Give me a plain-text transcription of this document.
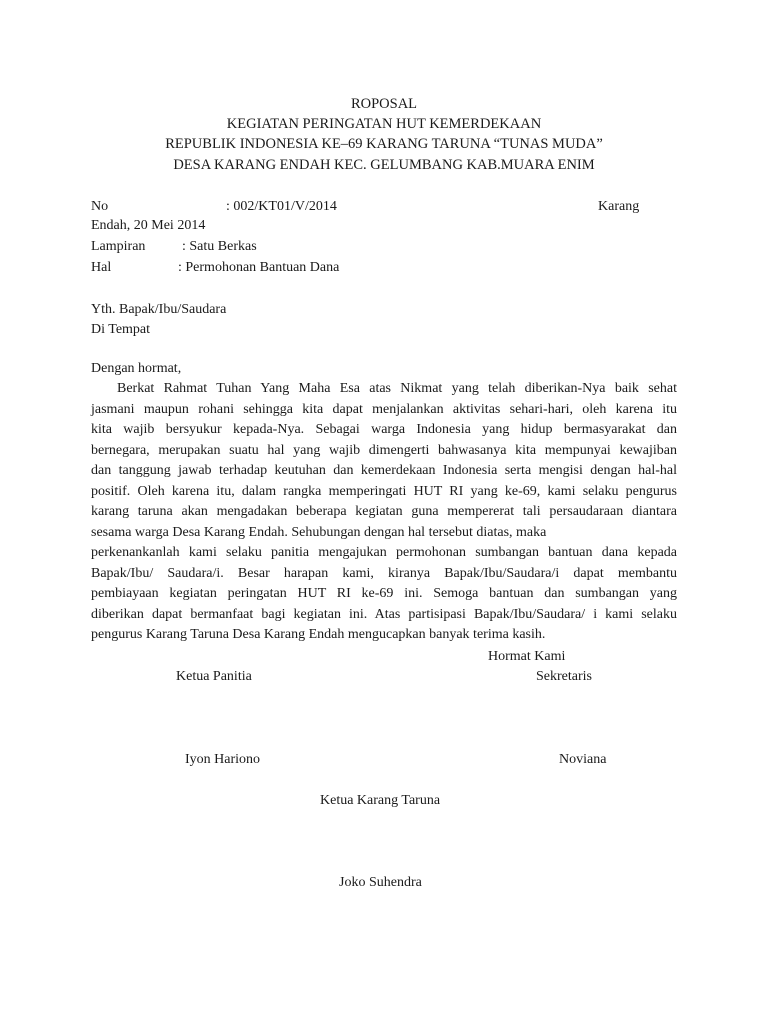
ROPOSAL
KEGIATAN PERINGATAN HUT KEMERDEKAAN
REPUBLIK INDONESIA KE–69 KARANG TARUNA “TUNAS MUDA”
DESA KARANG ENDAH KEC. GELUMBANG KAB.MUARA ENIM
No	: 002/KT01/V/2014	Karang
Endah, 20 Mei 2014
Lampiran	: Satu Berkas
Hal	: Permohonan Bantuan Dana
Yth. Bapak/Ibu/Saudara
Di Tempat
Dengan hormat,
Berkat Rahmat Tuhan Yang Maha Esa atas Nikmat yang telah diberikan-Nya baik sehat
jasmani maupun rohani sehingga kita dapat menjalankan aktivitas sehari-hari, oleh karena itu
kita wajib bersyukur kepada-Nya. Sebagai warga Indonesia yang hidup bermasyarakat dan
bernegara, merupakan suatu hal yang wajib dimengerti bahwasanya kita mempunyai kewajiban
dan tanggung jawab terhadap keutuhan dan kemerdekaan Indonesia serta mengisi dengan hal-hal
positif. Oleh karena itu, dalam rangka memperingati HUT RI yang ke-69, kami selaku pengurus
karang taruna akan mengadakan beberapa kegiatan guna mempererat tali persaudaraan diantara
sesama warga Desa Karang Endah. Sehubungan dengan hal tersebut diatas, maka
perkenankanlah kami selaku panitia mengajukan permohonan sumbangan bantuan dana kepada
Bapak/Ibu/ Saudara/i. Besar harapan kami, kiranya Bapak/Ibu/Saudara/i dapat membantu
pembiayaan kegiatan peringatan HUT RI ke-69 ini. Semoga bantuan dan sumbangan yang
diberikan dapat bermanfaat bagi kegiatan ini. Atas partisipasi Bapak/Ibu/Saudara/ i kami selaku
pengurus Karang Taruna Desa Karang Endah mengucapkan banyak terima kasih.
Hormat Kami
Ketua Panitia	Sekretaris
Iyon Hariono	Noviana
Ketua Karang Taruna
Joko Suhendra
